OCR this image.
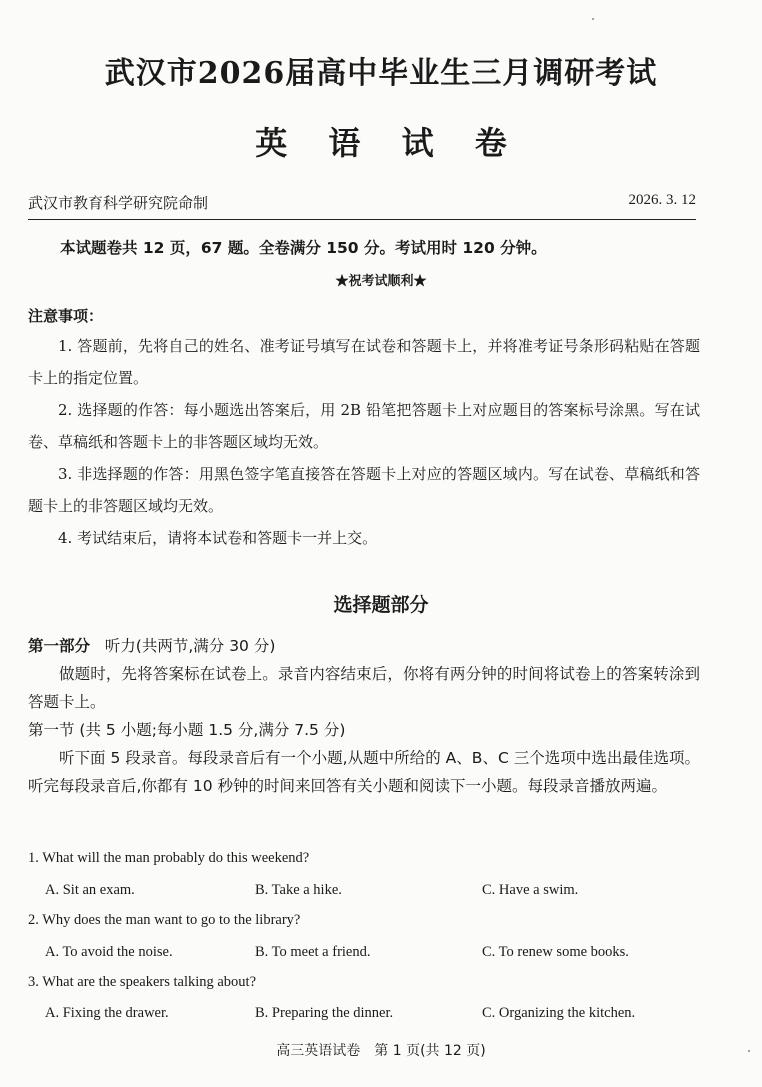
武汉市2026届高中毕业生三月调研考试
英 语 试 卷
武汉市教育科学研究院命制	2026. 3. 12
本试题卷共 12 页，67 题。全卷满分 150 分。考试用时 120 分钟。
★祝考试顺利★
注意事项：

1. 答题前，先将自己的姓名、准考证号填写在试卷和答题卡上，并将准考证号条形码粘贴在答题卡上的指定位置。

2. 选择题的作答：每小题选出答案后，用 2B 铅笔把答题卡上对应题目的答案标号涂黑。写在试卷、草稿纸和答题卡上的非答题区域均无效。

3. 非选择题的作答：用黑色签字笔直接答在答题卡上对应的答题区域内。写在试卷、草稿纸和答题卡上的非答题区域均无效。

4. 考试结束后，请将本试卷和答题卡一并上交。

选择题部分

第一部分 听力(共两节,满分 30 分)

做题时，先将答案标在试卷上。录音内容结束后，你将有两分钟的时间将试卷上的答案转涂到答题卡上。

第一节 (共 5 小题;每小题 1.5 分,满分 7.5 分)

听下面 5 段录音。每段录音后有一个小题,从题中所给的 A、B、C 三个选项中选出最佳选项。听完每段录音后,你都有 10 秒钟的时间来回答有关小题和阅读下一小题。每段录音播放两遍。

1. What will the man probably do this weekend?
A. Sit an exam.	B. Take a hike.	C. Have a swim.
2. Why does the man want to go to the library?
A. To avoid the noise.	B. To meet a friend.	C. To renew some books.
3. What are the speakers talking about?
A. Fixing the drawer.	B. Preparing the dinner.	C. Organizing the kitchen.
高三英语试卷　第 1 页(共 12 页)
